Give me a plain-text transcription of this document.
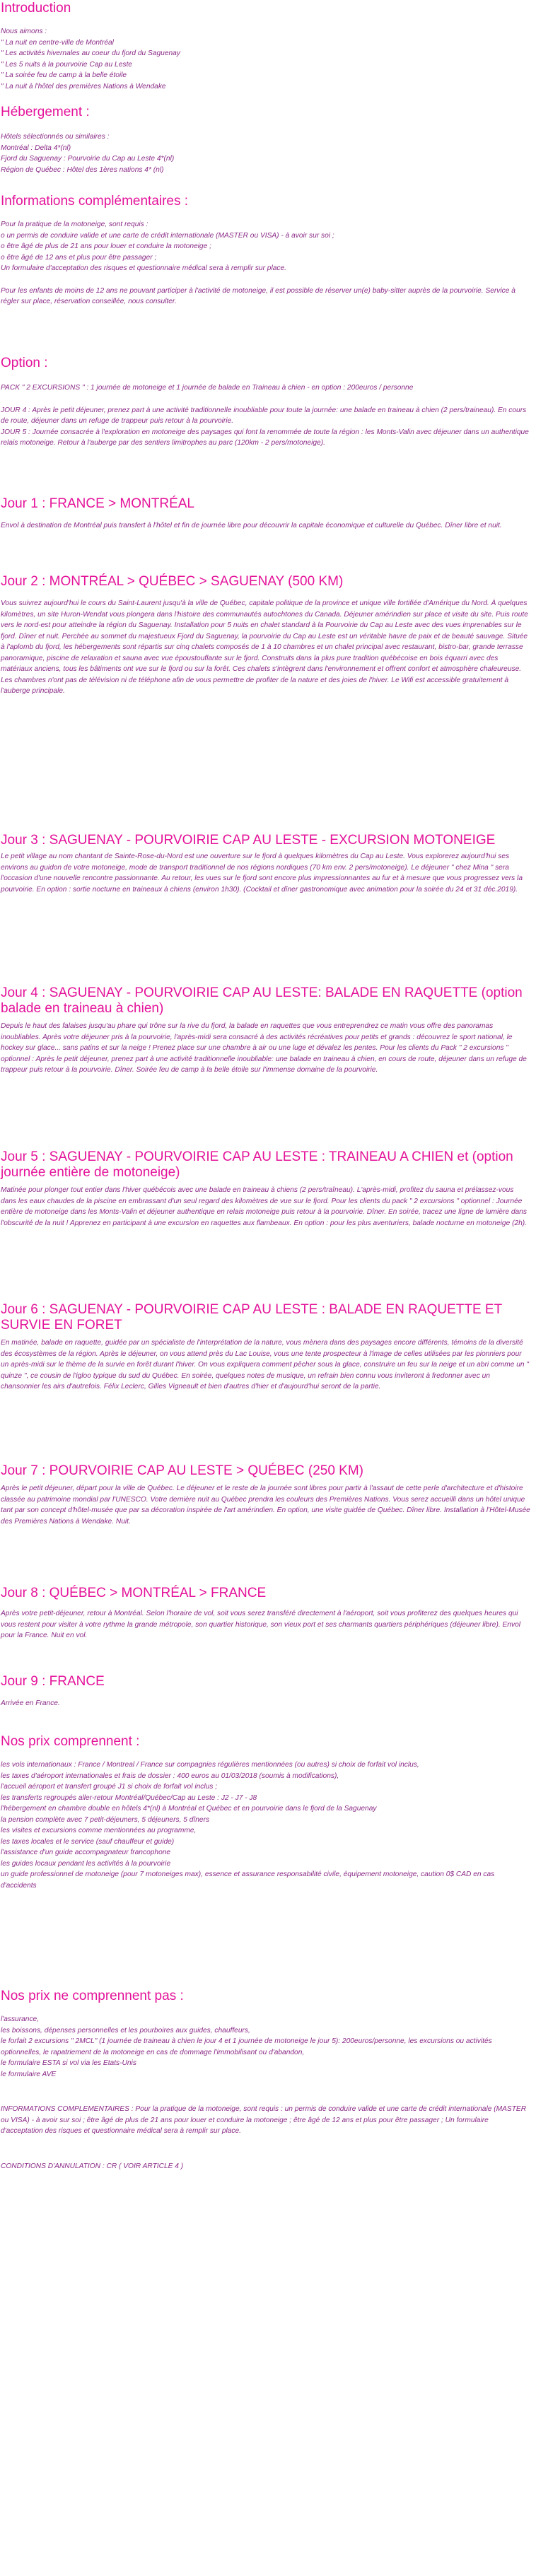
Introduction
Nous aimons :
" La nuit en centre-ville de Montréal
" Les activités hivernales au coeur du fjord du Saguenay
" Les 5 nuits à la pourvoirie Cap au Leste
" La soirée feu de camp à la belle étoile
" La nuit à l'hôtel des premières Nations à Wendake
Hébergement :
Hôtels sélectionnés ou similaires :
Montréal : Delta 4*(nl)
Fjord du Saguenay : Pourvoirie du Cap au Leste 4*(nl)
Région de Québec : Hôtel des 1ères nations 4* (nl)
Informations complémentaires :
Pour la pratique de la motoneige, sont requis :
o un permis de conduire valide et une carte de crédit internationale (MASTER ou VISA) - à avoir sur soi ;
o être âgé de plus de 21 ans pour louer et conduire la motoneige ;
o être âgé de 12 ans et plus pour être passager ;
Un formulaire d'acceptation des risques et questionnaire médical sera à remplir sur place.

Pour les enfants de moins de 12 ans ne pouvant participer à l'activité de motoneige, il est possible de réserver un(e) baby-sitter auprès de la pourvoirie. Service à régler sur place, réservation conseillée, nous consulter.

Option :

PACK " 2 EXCURSIONS " : 1 journée de motoneige et 1 journée de balade en Traineau à chien - en option : 200euros / personne

JOUR 4 : Après le petit déjeuner, prenez part à une activité traditionnelle inoubliable pour toute la journée: une balade en traineau à chien (2 pers/traineau). En cours de route, déjeuner dans un refuge de trappeur puis retour à la pourvoirie.

JOUR 5 : Journée consacrée à l'exploration en motoneige des paysages qui font la renommée de toute la région : les Monts-Valin avec déjeuner dans un authentique relais motoneige. Retour à l'auberge par des sentiers limitrophes au parc (120km - 2 pers/motoneige).

Jour 1 : FRANCE > MONTRÉAL

Envol à destination de Montréal puis transfert à l'hôtel et fin de journée libre pour découvrir la capitale économique et culturelle du Québec. Dîner libre et nuit.

Jour 2 : MONTRÉAL > QUÉBEC > SAGUENAY (500 KM)

Vous suivrez aujourd'hui le cours du Saint-Laurent jusqu'à la ville de Québec, capitale politique de la province et unique ville fortifiée d'Amérique du Nord. À quelques kilomètres, un site Huron-Wendat vous plongera dans l'histoire des communautés autochtones du Canada. Déjeuner amérindien sur place et visite du site. Puis route vers le nord-est pour atteindre la région du Saguenay. Installation pour 5 nuits en chalet standard à la Pourvoirie du Cap au Leste avec des vues imprenables sur le fjord. Dîner et nuit. Perchée au sommet du majestueux Fjord du Saguenay, la pourvoirie du Cap au Leste est un véritable havre de paix et de beauté sauvage. Située à l'aplomb du fjord, les hébergements sont répartis sur cinq chalets composés de 1 à 10 chambres et un chalet principal avec restaurant, bistro-bar, grande terrasse panoramique, piscine de relaxation et sauna avec vue époustouflante sur le fjord. Construits dans la plus pure tradition québécoise en bois équarri avec des matériaux anciens, tous les bâtiments ont vue sur le fjord ou sur la forêt. Ces chalets s'intègrent dans l'environnement et offrent confort et atmosphère chaleureuse. Les chambres n'ont pas de télévision ni de téléphone afin de vous permettre de profiter de la nature et des joies de l'hiver. Le Wifi est accessible gratuitement à l'auberge principale.

Jour 3 : SAGUENAY - POURVOIRIE CAP AU LESTE - EXCURSION MOTONEIGE

Le petit village au nom chantant de Sainte-Rose-du-Nord est une ouverture sur le fjord à quelques kilomètres du Cap au Leste. Vous explorerez aujourd'hui ses environs au guidon de votre motoneige, mode de transport traditionnel de nos régions nordiques (70 km env. 2 pers/motoneige). Le déjeuner " chez Mina " sera l'occasion d'une nouvelle rencontre passionnante. Au retour, les vues sur le fjord sont encore plus impressionnantes au fur et à mesure que vous progressez vers la pourvoirie. En option : sortie nocturne en traineaux à chiens (environ 1h30). (Cocktail et dîner gastronomique avec animation pour la soirée du 24 et 31 déc.2019).

Jour 4 : SAGUENAY - POURVOIRIE CAP AU LESTE: BALADE EN RAQUETTE (option balade en traineau à chien)

Depuis le haut des falaises jusqu'au phare qui trône sur la rive du fjord, la balade en raquettes que vous entreprendrez ce matin vous offre des panoramas inoubliables. Après votre déjeuner pris à la pourvoirie, l'après-midi sera consacré à des activités récréatives pour petits et grands : découvrez le sport national, le hockey sur glace... sans patins et sur la neige ! Prenez place sur une chambre à air ou une luge et dévalez les pentes. Pour les clients du Pack " 2 excursions " optionnel : Après le petit déjeuner, prenez part à une activité traditionnelle inoubliable: une balade en traineau à chien, en cours de route, déjeuner dans un refuge de trappeur puis retour à la pourvoirie. Dîner. Soirée feu de camp à la belle étoile sur l'immense domaine de la pourvoirie.

Jour 5 : SAGUENAY - POURVOIRIE CAP AU LESTE : TRAINEAU A CHIEN et (option journée entière de motoneige)

Matinée pour plonger tout entier dans l'hiver québécois avec une balade en traineau à chiens (2 pers/traîneau). L'après-midi, profitez du sauna et prélassez-vous dans les eaux chaudes de la piscine en embrassant d'un seul regard des kilomètres de vue sur le fjord. Pour les clients du pack " 2 excursions " optionnel : Journée entière de motoneige dans les Monts-Valin et déjeuner authentique en relais motoneige puis retour à la pourvoirie. Dîner. En soirée, tracez une ligne de lumière dans l'obscurité de la nuit ! Apprenez en participant à une excursion en raquettes aux flambeaux. En option : pour les plus aventuriers, balade nocturne en motoneige (2h).

Jour 6 : SAGUENAY - POURVOIRIE CAP AU LESTE : BALADE EN RAQUETTE ET SURVIE EN FORET

En matinée, balade en raquette, guidée par un spécialiste de l'interprétation de la nature, vous mènera dans des paysages encore différents, témoins de la diversité des écosystèmes de la région. Après le déjeuner, on vous attend près du Lac Louise, vous une tente prospecteur à l'image de celles utilisées par les pionniers pour un après-midi sur le thème de la survie en forêt durant l'hiver. On vous expliquera comment pêcher sous la glace, construire un feu sur la neige et un abri comme un " quinze ", ce cousin de l'igloo typique du sud du Québec. En soirée, quelques notes de musique, un refrain bien connu vous inviteront à fredonner avec un chansonnier les airs d'autrefois. Félix Leclerc, Gilles Vigneault et bien d'autres d'hier et d'aujourd'hui seront de la partie.

Jour 7 : POURVOIRIE CAP AU LESTE > QUÉBEC (250 KM)

Après le petit déjeuner, départ pour la ville de Québec. Le déjeuner et le reste de la journée sont libres pour partir à l'assaut de cette perle d'architecture et d'histoire classée au patrimoine mondial par l'UNESCO. Votre dernière nuit au Québec prendra les couleurs des Premières Nations. Vous serez accueilli dans un hôtel unique tant par son concept d'hôtel-musée que par sa décoration inspirée de l'art amérindien. En option, une visite guidée de Québec. Dîner libre. Installation à l'Hôtel-Musée des Premières Nations à Wendake. Nuit.

Jour 8 : QUÉBEC > MONTRÉAL > FRANCE

Après votre petit-déjeuner, retour à Montréal. Selon l'horaire de vol, soit vous serez transféré directement à l'aéroport, soit vous profiterez des quelques heures qui vous restent pour visiter à votre rythme la grande métropole, son quartier historique, son vieux port et ses charmants quartiers périphériques (déjeuner libre). Envol pour la France. Nuit en vol.

Jour 9 : FRANCE

Arrivée en France.

Nos prix comprennent :
les vols internationaux : France / Montreal / France sur compagnies régulières mentionnées (ou autres) si choix de forfait vol inclus,
les taxes d'aéroport internationales et frais de dossier : 400 euros au 01/03/2018 (soumis à modifications),
l'accueil aéroport et transfert groupé J1 si choix de forfait vol inclus ;
les transferts regroupés aller-retour Montréal/Québec/Cap au Leste : J2 - J7 - J8
l'hébergement en chambre double en hôtels 4*(nl) à Montréal et Québec et en pourvoirie dans le fjord de la Saguenay
la pension complète avec 7 petit-déjeuners, 5 déjeuners, 5 dîners
les visites et excursions comme mentionnées au programme,
les taxes locales et le service (sauf chauffeur et guide)
l'assistance d'un guide accompagnateur francophone
les guides locaux pendant les activités à la pourvoirie
un guide professionnel de motoneige (pour 7 motoneiges max), essence et assurance responsabilité civile, équipement motoneige, caution 0$ CAD en cas d'accidents
Nos prix ne comprennent pas :
l'assurance,
les boissons, dépenses personnelles et les pourboires aux guides, chauffeurs,
le forfait 2 excursions " 2MCL" (1 journée de traineau à chien le jour 4 et 1 journée de motoneige le jour 5): 200euros/personne, les excursions ou activités optionnelles, le rapatriement de la motoneige en cas de dommage l'immobilisant ou d'abandon,
le formulaire ESTA si vol via les Etats-Unis
le formulaire AVE

INFORMATIONS COMPLEMENTAIRES : Pour la pratique de la motoneige, sont requis : un permis de conduire valide et une carte de crédit internationale (MASTER ou VISA) - à avoir sur soi ; être âgé de plus de 21 ans pour louer et conduire la motoneige ; être âgé de 12 ans et plus pour être passager ; Un formulaire d'acceptation des risques et questionnaire médical sera à remplir sur place.

CONDITIONS D'ANNULATION : CR ( VOIR ARTICLE 4 )
